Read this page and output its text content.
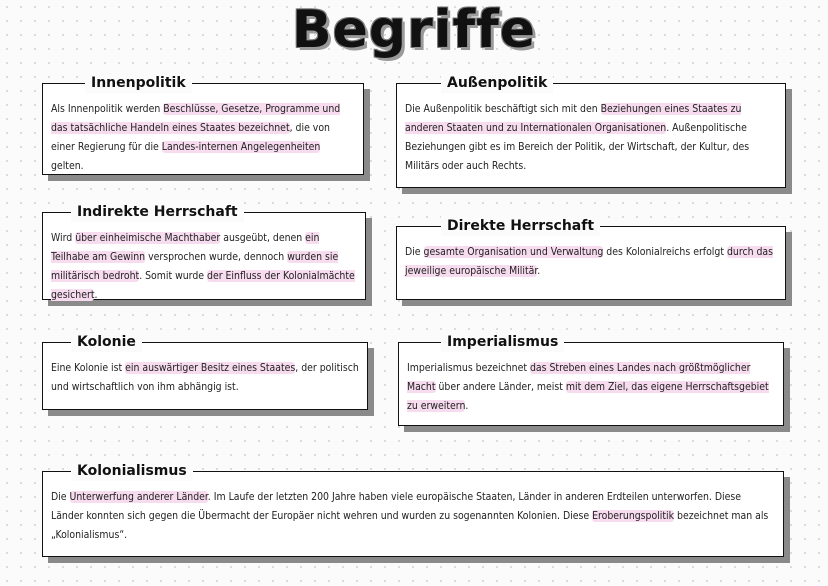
Begriffe
Innenpolitik
Als Innenpolitik werden Beschlüsse, Gesetze, Programme und das tatsächliche Handeln eines Staates bezeichnet, die von einer Regierung für die Landes-internen Angelegenheiten gelten.
Außenpolitik
Die Außenpolitik beschäftigt sich mit den Beziehungen eines Staates zu anderen Staaten und zu Internationalen Organisationen. Außenpolitische Beziehungen gibt es im Bereich der Politik, der Wirtschaft, der Kultur, des Militärs oder auch Rechts.
Indirekte Herrschaft
Wird über einheimische Machthaber ausgeübt, denen ein Teilhabe am Gewinn versprochen wurde, dennoch wurden sie militärisch bedroht. Somit wurde der Einfluss der Kolonialmächte gesichert.
Direkte Herrschaft
Die gesamte Organisation und Verwaltung des Kolonialreichs erfolgt durch das jeweilige europäische Militär.
Kolonie
Eine Kolonie ist ein auswärtiger Besitz eines Staates, der politisch und wirtschaftlich von ihm abhängig ist.
Imperialismus
Imperialismus bezeichnet das Streben eines Landes nach größtmöglicher Macht über andere Länder, meist mit dem Ziel, das eigene Herrschaftsgebiet zu erweitern.
Kolonialismus
Die Unterwerfung anderer Länder. Im Laufe der letzten 200 Jahre haben viele europäische Staaten, Länder in anderen Erdteilen unterworfen. Diese Länder konnten sich gegen die Übermacht der Europäer nicht wehren und wurden zu sogenannten Kolonien. Diese Eroberungspolitik bezeichnet man als „Kolonialismus“.
